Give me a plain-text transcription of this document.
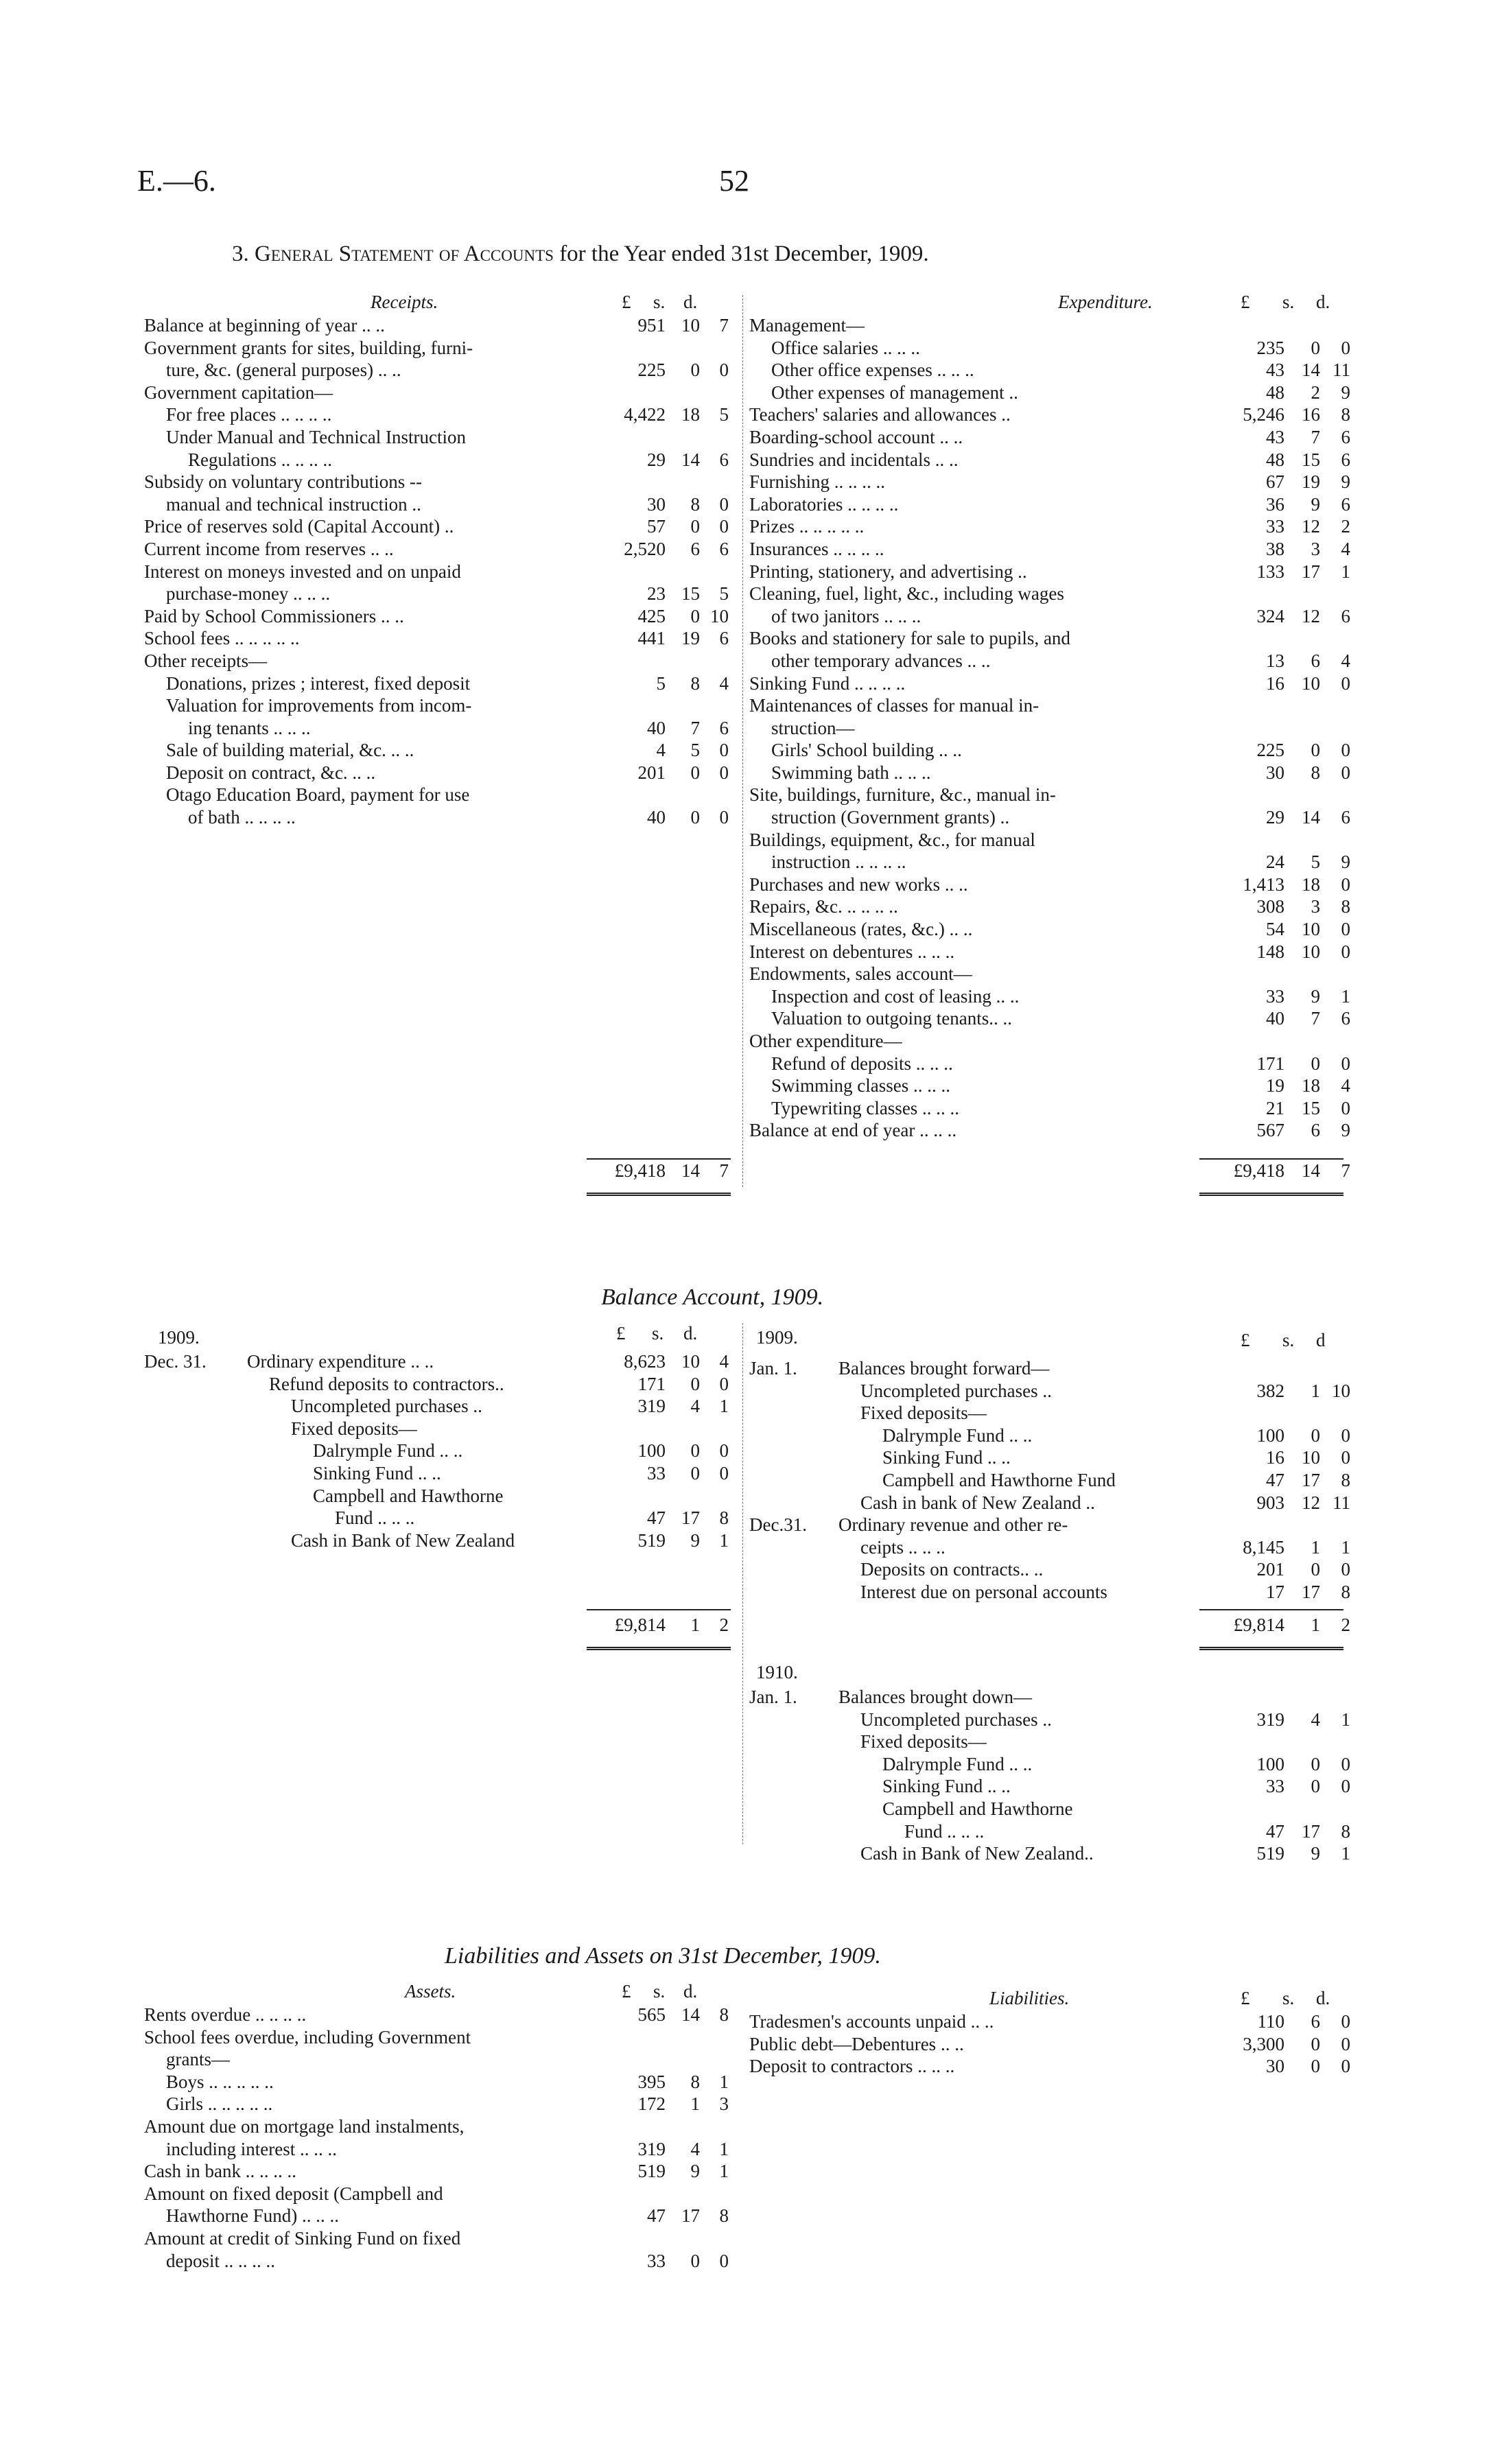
E.—6.	52
3. General Statement of Accounts for the Year ended 31st December, 1909.
Receipts.	£ s. d.
Balance at beginning of year .. ..	951 10	7
Government grants for sites, building, furni-
ture, &c. (general purposes) .. ..	225	0	0
Government capitation—
For free places .. .. .. ..	4,422 18	5
Under Manual and Technical Instruction
Regulations .. .. .. ..	29 14	6
Subsidy on voluntary contributions --
manual and technical instruction ..	30	8	0
Price of reserves sold (Capital Account) ..	57	0	0
Current income from reserves .. ..	2,520	6	6
Interest on moneys invested and on unpaid
purchase-money .. .. ..	23 15	5
Paid by School Commissioners .. ..	425	0 10
School fees .. .. .. .. ..	441 19	6
Other receipts—
Donations, prizes ; interest, fixed deposit	5	8	4
Valuation for improvements from incom-
ing tenants .. .. ..	40	7	6
Sale of building material, &c. .. ..	4	5	0
Deposit on contract, &c. .. ..	201	0	0
Otago Education Board, payment for use
of bath .. .. .. ..	40	0	0
Expenditure.	£ s. d.
Management—
Office salaries .. .. ..	235	0	0
Other office expenses .. .. ..	43 14 11
Other expenses of management ..	48	2	9
Teachers' salaries and allowances ..	5,246 16	8
Boarding-school account .. ..	43	7	6
Sundries and incidentals .. ..	48 15	6
Furnishing .. .. .. ..	67 19	9
Laboratories .. .. .. ..	36	9	6
Prizes .. .. .. .. ..	33 12	2
Insurances .. .. .. ..	38	3	4
Printing, stationery, and advertising ..	133 17	1
Cleaning, fuel, light, &c., including wages
of two janitors .. .. ..	324 12	6
Books and stationery for sale to pupils, and
other temporary advances .. ..	13	6	4
Sinking Fund .. .. .. ..	16 10	0
Maintenances of classes for manual in-
struction—
Girls' School building .. ..	225	0	0
Swimming bath .. .. ..	30	8	0
Site, buildings, furniture, &c., manual in-
struction (Government grants) ..	29 14	6
Buildings, equipment, &c., for manual
instruction .. .. .. ..	24	5	9
Purchases and new works .. ..	1,413 18	0
Repairs, &c. .. .. .. ..	308	3	8
Miscellaneous (rates, &c.) .. ..	54 10	0
Interest on debentures .. .. ..	148 10	0
Endowments, sales account—
Inspection and cost of leasing .. ..	33	9	1
Valuation to outgoing tenants.. ..	40	7	6
Other expenditure—
Refund of deposits .. .. ..	171	0	0
Swimming classes .. .. ..	19 18	4
Typewriting classes .. .. ..	21 15	0
Balance at end of year .. .. ..	567	6	9
£9,418 14	7	£9,418 14	7
Balance Account, 1909.
1909.	£ s. d.
Dec. 31. Ordinary expenditure .. ..	8,623 10	4
Refund deposits to contractors..	171	0	0
Uncompleted purchases ..	319	4	1
Fixed deposits—
Dalrymple Fund .. ..	100	0	0
Sinking Fund .. ..	33	0	0
Campbell and Hawthorne
Fund .. .. ..	47 17	8
Cash in Bank of New Zealand	519	9	1
£9,814	1	2
1909.	£ s. d
Jan. 1. Balances brought forward—
Uncompleted purchases ..	382	1 10
Fixed deposits—
Dalrymple Fund .. ..	100	0	0
Sinking Fund .. ..	16 10	0
Campbell and Hawthorne Fund	47 17	8
Cash in bank of New Zealand ..	903 12 11
Dec.31. Ordinary revenue and other re-
ceipts .. .. ..	8,145	1	1
Deposits on contracts.. ..	201	0	0
Interest due on personal accounts	17 17	8
£9,814	1	2
1910.
Jan. 1. Balances brought down—
Uncompleted purchases ..	319	4	1
Fixed deposits—
Dalrymple Fund .. ..	100	0	0
Sinking Fund .. ..	33	0	0
Campbell and Hawthorne
Fund .. .. ..	47 17	8
Cash in Bank of New Zealand..	519	9	1
Liabilities and Assets on 31st December, 1909.
Assets.	£ s. d.
Rents overdue .. .. .. ..	565 14	8
School fees overdue, including Government
grants—
Boys .. .. .. .. ..	395	8	1
Girls .. .. .. .. ..	172	1	3
Amount due on mortgage land instalments,
including interest .. .. ..	319	4	1
Cash in bank .. .. .. ..	519	9	1
Amount on fixed deposit (Campbell and
Hawthorne Fund) .. .. ..	47 17	8
Amount at credit of Sinking Fund on fixed
deposit .. .. .. ..	33	0	0
Liabilities.	£ s. d.
Tradesmen's accounts unpaid .. ..	110	6	0
Public debt—Debentures .. ..	3,300	0	0
Deposit to contractors .. .. ..	30	0	0
